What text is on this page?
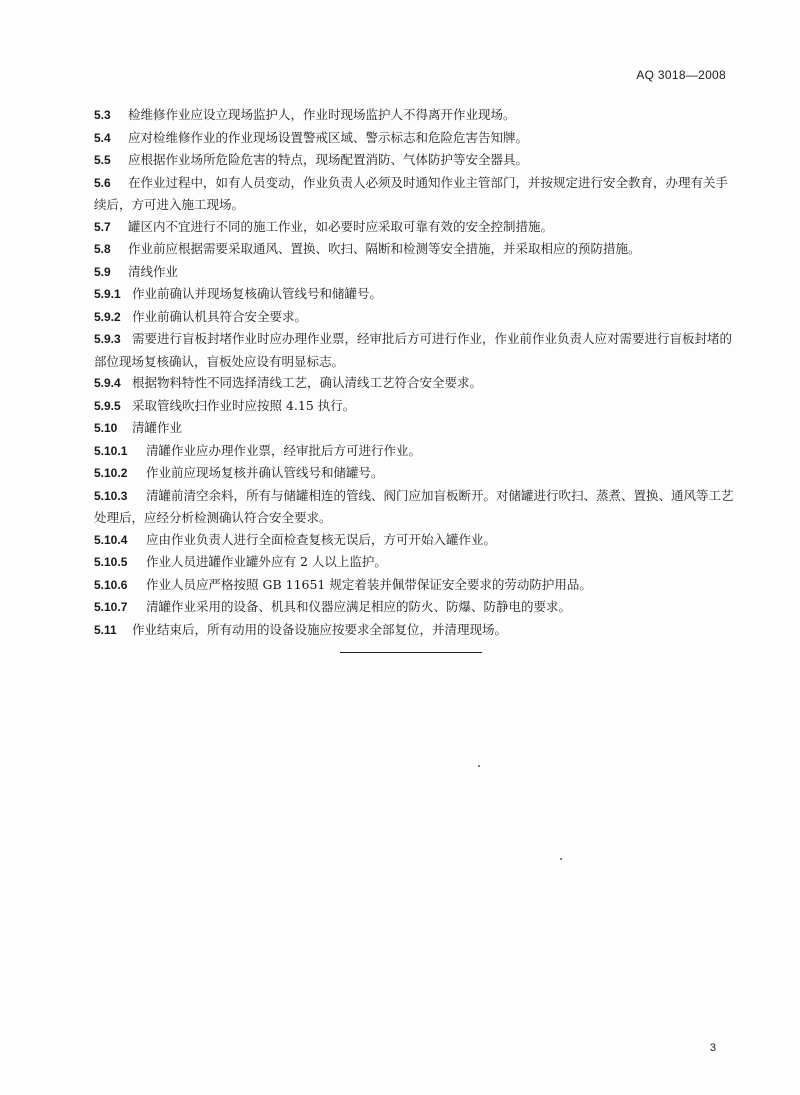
AQ 3018—2008
5.3 检维修作业应设立现场监护人，作业时现场监护人不得离开作业现场。
5.4 应对检维修作业的作业现场设置警戒区域、警示标志和危险危害告知牌。
5.5 应根据作业场所危险危害的特点，现场配置消防、气体防护等安全器具。
5.6 在作业过程中，如有人员变动，作业负责人必须及时通知作业主管部门，并按规定进行安全教育，办理有关手续后，方可进入施工现场。
5.7 罐区内不宜进行不同的施工作业，如必要时应采取可靠有效的安全控制措施。
5.8 作业前应根据需要采取通风、置换、吹扫、隔断和检测等安全措施，并采取相应的预防措施。
5.9 清线作业
5.9.1 作业前确认并现场复核确认管线号和储罐号。
5.9.2 作业前确认机具符合安全要求。
5.9.3 需要进行盲板封堵作业时应办理作业票，经审批后方可进行作业，作业前作业负责人应对需要进行盲板封堵的部位现场复核确认，盲板处应设有明显标志。
5.9.4 根据物料特性不同选择清线工艺，确认清线工艺符合安全要求。
5.9.5 采取管线吹扫作业时应按照 4.15 执行。
5.10 清罐作业
5.10.1 清罐作业应办理作业票，经审批后方可进行作业。
5.10.2 作业前应现场复核并确认管线号和储罐号。
5.10.3 清罐前清空余料，所有与储罐相连的管线、阀门应加盲板断开。对储罐进行吹扫、蒸煮、置换、通风等工艺处理后，应经分析检测确认符合安全要求。
5.10.4 应由作业负责人进行全面检查复核无误后，方可开始入罐作业。
5.10.5 作业人员进罐作业罐外应有 2 人以上监护。
5.10.6 作业人员应严格按照 GB 11651 规定着装并佩带保证安全要求的劳动防护用品。
5.10.7 清罐作业采用的设备、机具和仪器应满足相应的防火、防爆、防静电的要求。
5.11 作业结束后，所有动用的设备设施应按要求全部复位，并清理现场。
3
